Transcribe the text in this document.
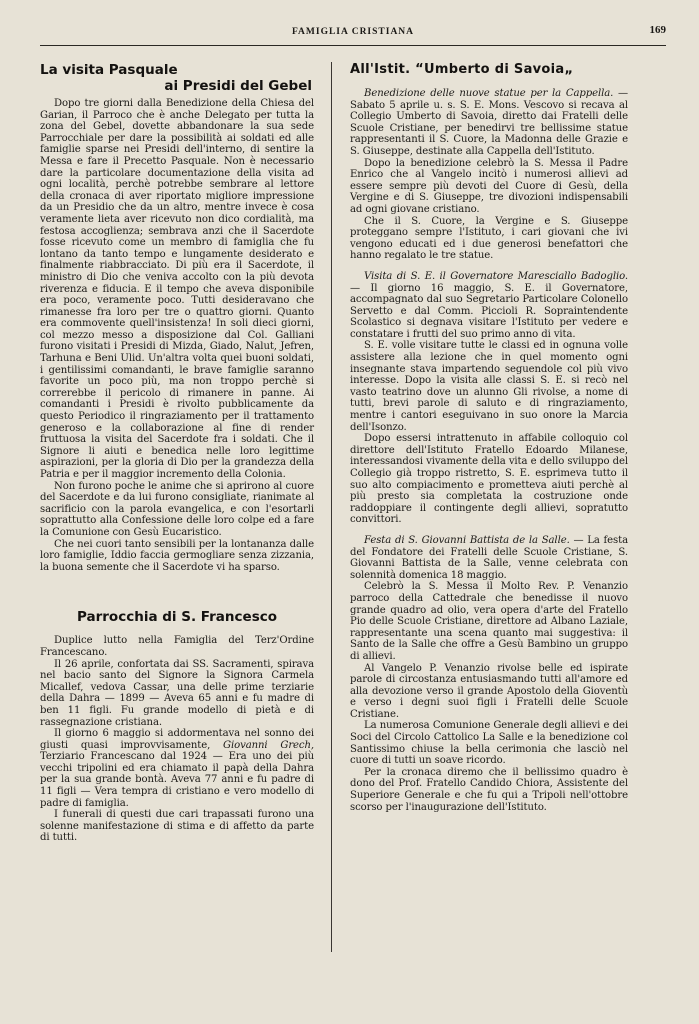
FAMIGLIA CRISTIANA	169
La visita Pasquale
ai Presidi del Gebel

Dopo tre giorni dalla Benedizione della Chiesa del Garian, il Parroco che è anche Delegato per tutta la zona del Gebel, dovette abbandonare la sua sede Parrocchiale per dare la possibilità ai soldati ed alle famiglie sparse nei Presidi dell'interno, di sentire la Messa e fare il Precetto Pasquale. Non è necessario dare la particolare documentazione della visita ad ogni località, perchè potrebbe sembrare al lettore della cronaca di aver riportato migliore impressione da un Presidio che da un altro, mentre invece è cosa veramente lieta aver ricevuto non dico cordialità, ma festosa accoglienza; sembrava anzi che il Sacerdote fosse ricevuto come un membro di famiglia che fu lontano da tanto tempo e lungamente desiderato e finalmente riabbracciato. Di più era il Sacerdote, il ministro di Dio che veniva accolto con la più devota riverenza e fiducia. E il tempo che aveva disponibile era poco, veramente poco. Tutti desideravano che rimanesse fra loro per tre o quattro giorni. Quanto era commovente quell'insistenza! In soli dieci giorni, col mezzo messo a disposizione dal Col. Galliani furono visitati i Presidi di Mizda, Giado, Nalut, Jefren, Tarhuna e Beni Ulid. Un'altra volta quei buoni soldati, i gentilissimi comandanti, le brave famiglie saranno favorite un poco più, ma non troppo perchè si correrebbe il pericolo di rimanere in panne. Ai comandanti i Presidi è rivolto pubblicamente da questo Periodico il ringraziamento per il trattamento generoso e la collaborazione al fine di render fruttuosa la visita del Sacerdote fra i soldati. Che il Signore li aiuti e benedica nelle loro legittime aspirazioni, per la gloria di Dio per la grandezza della Patria e per il maggior incremento della Colonia.

Non furono poche le anime che si aprirono al cuore del Sacerdote e da lui furono consigliate, rianimate al sacrificio con la parola evangelica, e con l'esortarli soprattutto alla Confessione delle loro colpe ed a fare la Comunione con Gesù Eucaristico.

Che nei cuori tanto sensibili per la lontananza dalle loro famiglie, Iddio faccia germogliare senza zizzania, la buona semente che il Sacerdote vi ha sparso.

Parrocchia di S. Francesco

Duplice lutto nella Famiglia del Terz'Ordine Francescano.

Il 26 aprile, confortata dai SS. Sacramenti, spirava nel bacio santo del Signore la Signora Carmela Micallef, vedova Cassar, una delle prime terziarie della Dahra — 1899 — Aveva 65 anni e fu madre di ben 11 figli. Fu grande modello di pietà e di rassegnazione cristiana.

Il giorno 6 maggio si addormentava nel sonno dei giusti quasi improvvisamente, Giovanni Grech, Terziario Francescano dal 1924 — Era uno dei più vecchi tripolini ed era chiamato il papà della Dahra per la sua grande bontà. Aveva 77 anni e fu padre di 11 figli — Vera tempra di cristiano e vero modello di padre di famiglia.

I funerali di questi due cari trapassati furono una solenne manifestazione di stima e di affetto da parte di tutti.

All'Istit. “Umberto di Savoia„

Benedizione delle nuove statue per la Cappella. — Sabato 5 aprile u. s. S. E. Mons. Vescovo si recava al Collegio Umberto di Savoia, diretto dai Fratelli delle Scuole Cristiane, per benedirvi tre bellissime statue rappresentanti il S. Cuore, la Madonna delle Grazie e S. Giuseppe, destinate alla Cappella dell'Istituto.

Dopo la benedizione celebrò la S. Messa il Padre Enrico che al Vangelo incitò i numerosi allievi ad essere sempre più devoti del Cuore di Gesù, della Vergine e di S. Giuseppe, tre divozioni indispensabili ad ogni giovane cristiano.

Che il S. Cuore, la Vergine e S. Giuseppe proteggano sempre l'Istituto, i cari giovani che ivi vengono educati ed i due generosi benefattori che hanno regalato le tre statue.

Visita di S. E. il Governatore Maresciallo Badoglio. — Il giorno 16 maggio, S. E. il Governatore, accompagnato dal suo Segretario Particolare Colonello Servetto e dal Comm. Piccioli R. Sopraintendente Scolastico si degnava visitare l'Istituto per vedere e constatare i frutti del suo primo anno di vita.

S. E. volle visitare tutte le classi ed in ognuna volle assistere alla lezione che in quel momento ogni insegnante stava impartendo seguendole col più vivo interesse. Dopo la visita alle classi S. E. si recò nel vasto teatrino dove un alunno Gli rivolse, a nome di tutti, brevi parole di saluto e di ringraziamento, mentre i cantori eseguivano in suo onore la Marcia dell'Isonzo.

Dopo essersi intrattenuto in affabile colloquio col direttore dell'Istituto Fratello Edoardo Milanese, interessandosi vivamente della vita e dello sviluppo del Collegio già troppo ristretto, S. E. esprimeva tutto il suo alto compiacimento e prometteva aiuti perchè al più presto sia completata la costruzione onde raddoppiare il contingente degli allievi, sopratutto convittori.

Festa di S. Giovanni Battista de la Salle. — La festa del Fondatore dei Fratelli delle Scuole Cristiane, S. Giovanni Battista de la Salle, venne celebrata con solennità domenica 18 maggio.

Celebrò la S. Messa il Molto Rev. P. Venanzio parroco della Cattedrale che benedisse il nuovo grande quadro ad olio, vera opera d'arte del Fratello Pio delle Scuole Cristiane, direttore ad Albano Laziale, rappresentante una scena quanto mai suggestiva: il Santo de la Salle che offre a Gesù Bambino un gruppo di allievi.

Al Vangelo P. Venanzio rivolse belle ed ispirate parole di circostanza entusiasmando tutti all'amore ed alla devozione verso il grande Apostolo della Gioventù e verso i degni suoi figli i Fratelli delle Scuole Cristiane.

La numerosa Comunione Generale degli allievi e dei Soci del Circolo Cattolico La Salle e la benedizione col Santissimo chiuse la bella cerimonia che lasciò nel cuore di tutti un soave ricordo.

Per la cronaca diremo che il bellissimo quadro è dono del Prof. Fratello Candido Chiora, Assistente del Superiore Generale e che fu qui a Tripoli nell'ottobre scorso per l'inaugurazione dell'Istituto.
